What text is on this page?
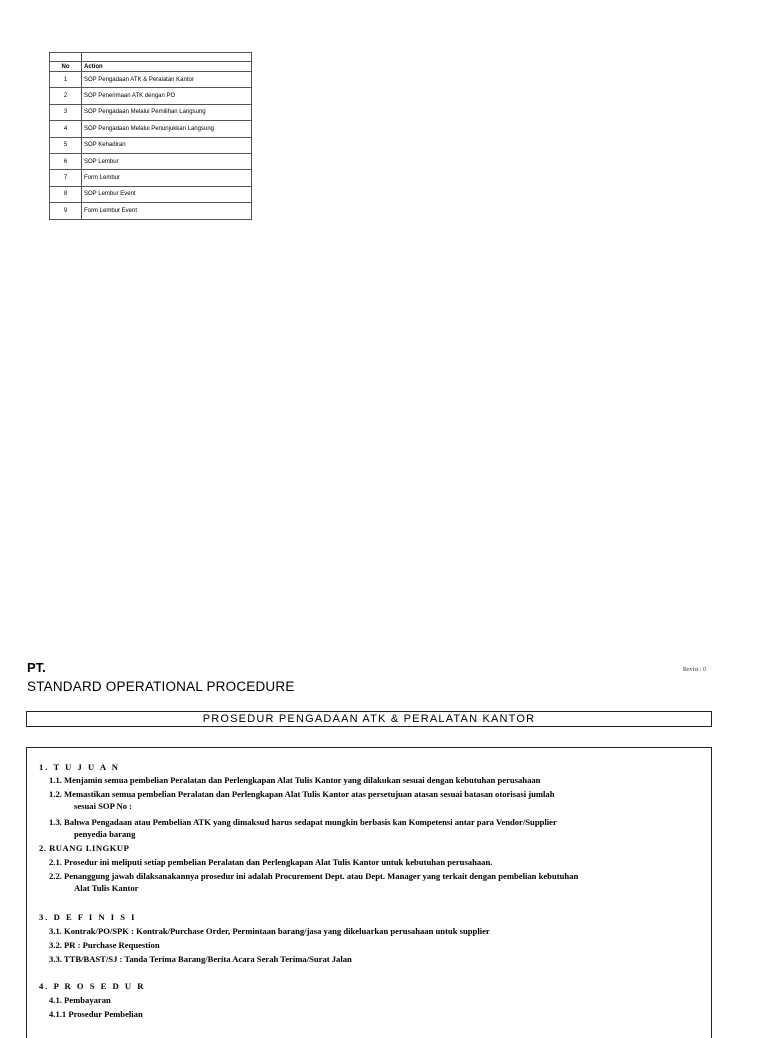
No	Action
1	SOP Pengadaan ATK & Peralatan Kantor
2	SOP Penerimaan ATK dengan PO
3	SOP Pengadaan Melalui Pemilihan Langsung
4	SOP Pengadaan Melalui Penunjukkan Langsung
5	SOP Kehadiran
6	SOP Lembur
7	Form Lembur
8	SOP Lembur Event
9	Form Lembur Event
PT.	Revisi : 0
STANDARD OPERATIONAL PROCEDURE
PROSEDUR PENGADAAN ATK & PERALATAN KANTOR
1. T U J U A N
1.1. Menjamin semua pembelian Peralatan dan Perlengkapan Alat Tulis Kantor yang dilakukan sesuai dengan kebutuhan perusahaan
1.2. Memastikan semua pembelian Peralatan dan Perlengkapan Alat Tulis Kantor atas persetujuan atasan sesuai batasan otorisasi jumlah
sesuai SOP No :
1.3. Bahwa Pengadaan atau Pembelian ATK yang dimaksud harus sedapat mungkin berbasis kan Kompetensi antar para Vendor/Supplier
penyedia barang
2. RUANG LINGKUP
2.1. Prosedur ini meliputi setiap pembelian Peralatan dan Perlengkapan Alat Tulis Kantor untuk kebutuhan perusahaan.
2.2. Penanggung jawab dilaksanakannya prosedur ini adalah Procurement Dept. atau Dept. Manager yang terkait dengan pembelian kebutuhan
Alat Tulis Kantor
3. D E F I N I S I
3.1. Kontrak/PO/SPK : Kontrak/Purchase Order, Permintaan barang/jasa yang dikeluarkan perusahaan untuk supplier
3.2. PR : Purchase Requestion
3.3. TTB/BAST/SJ : Tanda Terima Barang/Berita Acara Serah Terima/Surat Jalan
4. P R O S E D U R
4.1. Pembayaran
4.1.1 Prosedur Pembelian
